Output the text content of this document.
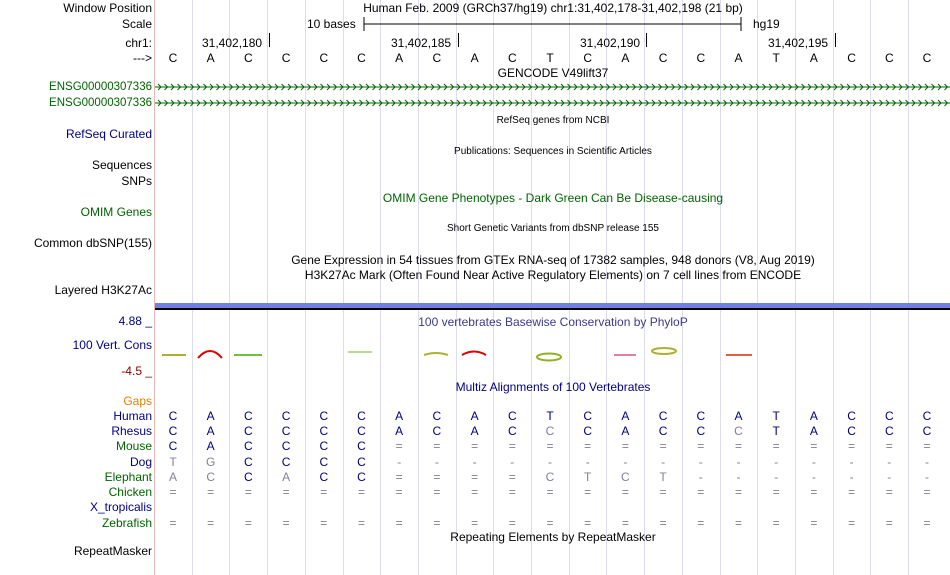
Window Position	Human Feb. 2009 (GRCh37/hg19) chr1:31,402,178-31,402,198 (21 bp)
Scale	10 bases	hg19
chr1:	31,402,180	31,402,185	31,402,190	31,402,195
---> C A C C C C A C A C T C A C C A	T	A C C C
GENCODE V49lift37
ENSG00000307336
ENSG00000307336
RefSeq genes from NCBI
RefSeq Curated
Publications: Sequences in Scientific Articles
Sequences
SNPs
OMIM Gene Phenotypes - Dark Green Can Be Disease-causing
OMIM Genes
Short Genetic Variants from dbSNP release 155
Common dbSNP(155)
Gene Expression in 54 tissues from GTEx RNA-seq of 17382 samples, 948 donors (V8, Aug 2019)
H3K27Ac Mark (Often Found Near Active Regulatory Elements) on 7 cell lines from ENCODE
Layered H3K27Ac
100 vertebrates Basewise Conservation by PhyloP
4.88 _
100 Vert. Cons
-4.5 _
Multiz Alignments of 100 Vertebrates
Gaps
Human C A C C C C A C A C T C A C C A	T	A C C C
Rhesus C A C C C C A C A C C C A C C C T	A C C C
Mouse C A C C C C =	=	=	=	=	=	=	=	=	=	=	=	=	=	=
Dog T G C C C C	-	-	-	-	-	-	-	-	-	-	-	-	-	-	-
Elephant A C C A C C =	=	=	= C T C T	-	-	-	-	-	-	-
Chicken =	=	=	=	=	=	=	=	=	=	=	=	=	=	=	=	=	=	=	=	=
X_tropicalis
Zebrafish =	=	=	=	=	=	=	=	=	=	=	=	=	=	=	=	=	=	=	=	=
Repeating Elements by RepeatMasker
RepeatMasker
